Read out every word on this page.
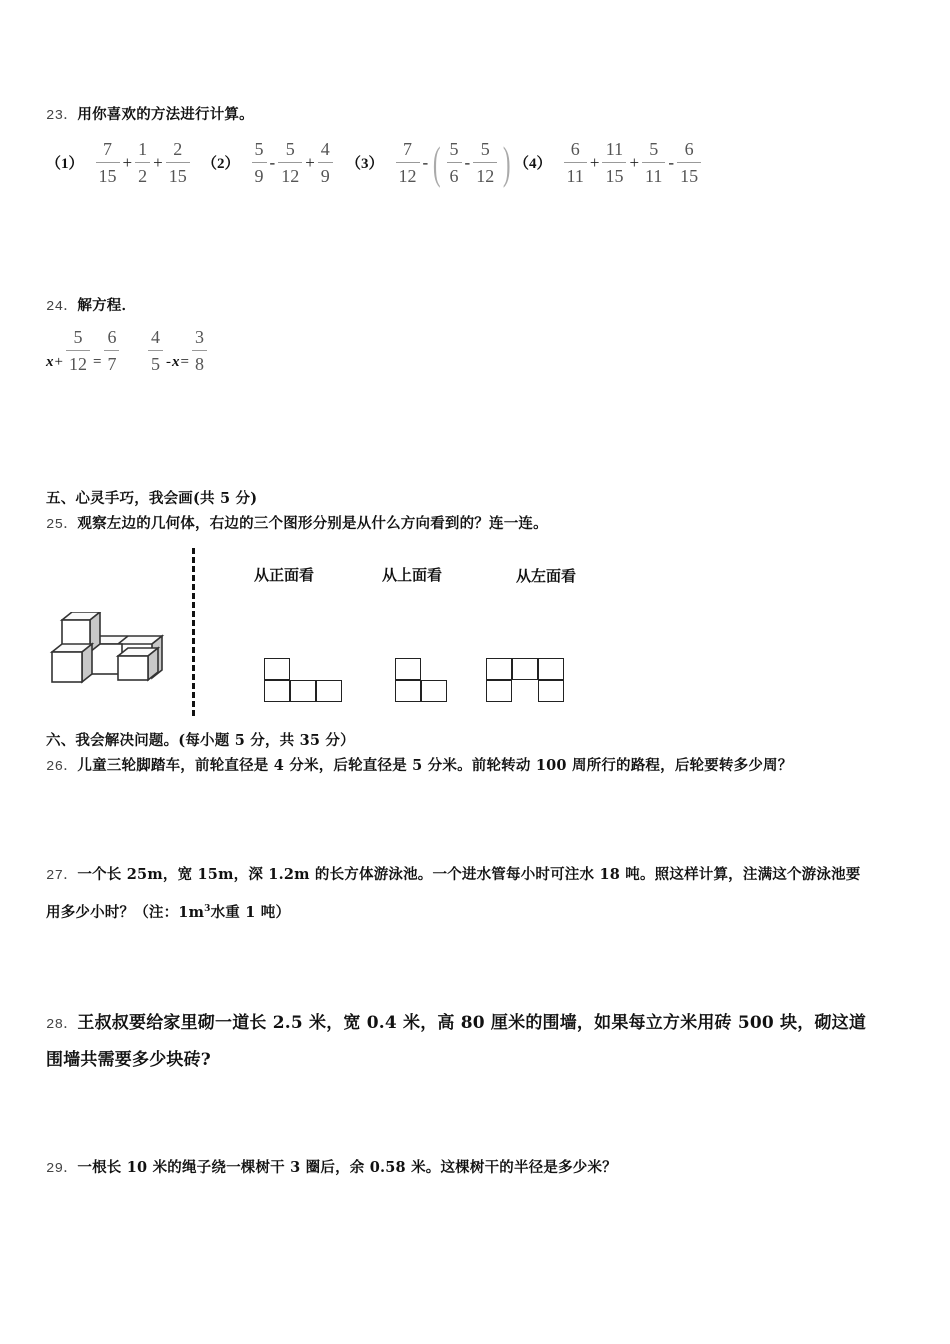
23．用你喜欢的方法进行计算。
$(1) \frac{7}{15} + \frac{1}{2} + \frac{2}{15} (2) \frac{5}{9} - \frac{5}{12} + \frac{4}{9} (3) \frac{7}{12}$ - ( $\frac{5}{6} - \frac{5}{12}$ ) $(4) \frac{6}{11} + \frac{11}{15} + \frac{5}{11} - \frac{6}{15}$
24．解方程．
$x + \frac{5}{12} = \frac{6}{7} \frac{4}{5} - x = \frac{3}{8}$
五、心灵手巧，我会画(共 5 分)
25．观察左边的几何体，右边的三个图形分别是从什么方向看到的？连一连。
从正面看	从上面看	从左面看
六、我会解决问题。(每小题 5 分，共 35 分）
26．儿童三轮脚踏车，前轮直径是 4 分米，后轮直径是 5 分米。前轮转动 100 周所行的路程，后轮要转多少周？
27．一个长 25m，宽 15m，深 1.2m 的长方体游泳池。一个进水管每小时可注水 18 吨。照这样计算，注满这个游泳池要
用多少小时？（注：$1m^3$水重 1 吨）
28．王叔叔要给家里砌一道长 2.5 米，宽 0.4 米，高 80 厘米的围墙，如果每立方米用砖 500 块，砌这道
围墙共需要多少块砖?
29．一根长 10 米的绳子绕一棵树干 3 圈后，余 0.58 米。这棵树干的半径是多少米？
